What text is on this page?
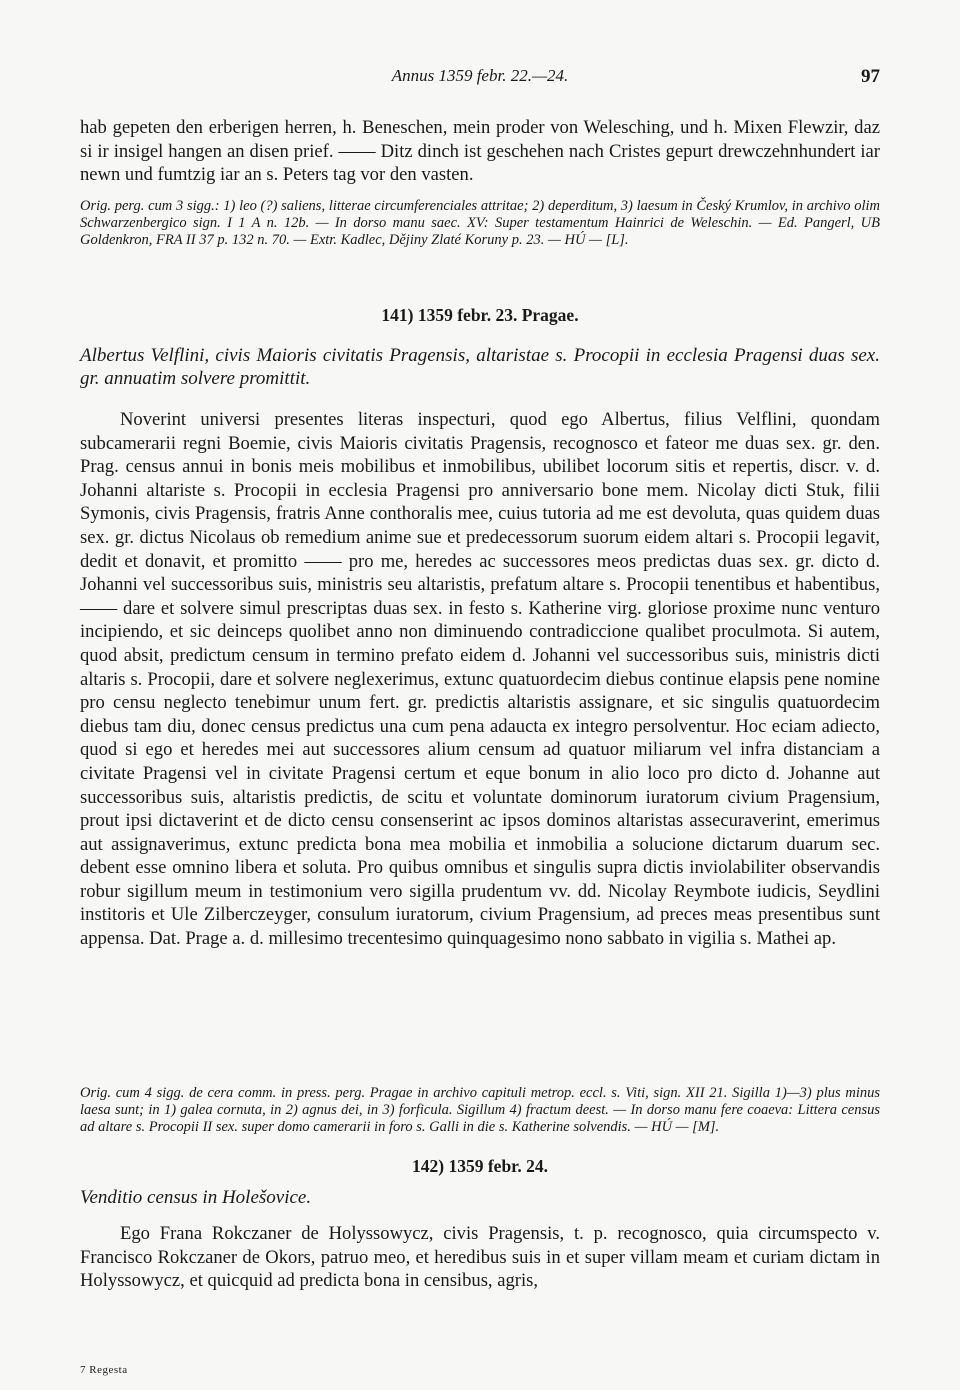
Annus 1359 febr. 22.—24.	97

hab gepeten den erberigen herren, h. Beneschen, mein proder von Welesching, und h. Mixen Flewzir, daz si ir insigel hangen an disen prief. —— Ditz dinch ist geschehen nach Cristes gepurt drewczehnhundert iar newn und fumtzig iar an s. Peters tag vor den vasten.

Orig. perg. cum 3 sigg.: 1) leo (?) saliens, litterae circumferenciales attritae; 2) deperditum, 3) laesum in Český Krumlov, in archivo olim Schwarzenbergico sign. I 1 A n. 12b. — In dorso manu saec. XV: Super testamentum Hainrici de Weleschin. — Ed. Pangerl, UB Goldenkron, FRA II 37 p. 132 n. 70. — Extr. Kadlec, Dějiny Zlaté Koruny p. 23. — HÚ — [L].

141) 1359 febr. 23. Pragae.

Albertus Velflini, civis Maioris civitatis Pragensis, altaristae s. Procopii in ecclesia Pragensi duas sex. gr. annuatim solvere promittit.

Noverint universi presentes literas inspecturi, quod ego Albertus, filius Velflini, quondam subcamerarii regni Boemie, civis Maioris civitatis Pragensis, recognosco et fateor me duas sex. gr. den. Prag. census annui in bonis meis mobilibus et inmobilibus, ubilibet locorum sitis et repertis, discr. v. d. Johanni altariste s. Procopii in ecclesia Pragensi pro anniversario bone mem. Nicolay dicti Stuk, filii Symonis, civis Pragensis, fratris Anne conthoralis mee, cuius tutoria ad me est devoluta, quas quidem duas sex. gr. dictus Nicolaus ob remedium anime sue et predecessorum suorum eidem altari s. Procopii legavit, dedit et donavit, et promitto —— pro me, heredes ac successores meos predictas duas sex. gr. dicto d. Johanni vel successoribus suis, ministris seu altaristis, prefatum altare s. Procopii tenentibus et habentibus, —— dare et solvere simul prescriptas duas sex. in festo s. Katherine virg. gloriose proxime nunc venturo incipiendo, et sic deinceps quolibet anno non diminuendo contradiccione qualibet proculmota. Si autem, quod absit, predictum censum in termino prefato eidem d. Johanni vel successoribus suis, ministris dicti altaris s. Procopii, dare et solvere neglexerimus, extunc quatuordecim diebus continue elapsis pene nomine pro censu neglecto tenebimur unum fert. gr. predictis altaristis assignare, et sic singulis quatuordecim diebus tam diu, donec census predictus una cum pena adaucta ex integro persolventur. Hoc eciam adiecto, quod si ego et heredes mei aut successores alium censum ad quatuor miliarum vel infra distanciam a civitate Pragensi vel in civitate Pragensi certum et eque bonum in alio loco pro dicto d. Johanne aut successoribus suis, altaristis predictis, de scitu et voluntate dominorum iuratorum civium Pragensium, prout ipsi dictaverint et de dicto censu consenserint ac ipsos dominos altaristas assecuraverint, emerimus aut assignaverimus, extunc predicta bona mea mobilia et inmobilia a solucione dictarum duarum sec. debent esse omnino libera et soluta. Pro quibus omnibus et singulis supra dictis inviolabiliter observandis robur sigillum meum in testimonium vero sigilla prudentum vv. dd. Nicolay Reymbote iudicis, Seydlini institoris et Ule Zilberczeyger, consulum iuratorum, civium Pragensium, ad preces meas presentibus sunt appensa. Dat. Prage a. d. millesimo trecentesimo quinquagesimo nono sabbato in vigilia s. Mathei ap.

Orig. cum 4 sigg. de cera comm. in press. perg. Pragae in archivo capituli metrop. eccl. s. Viti, sign. XII 21. Sigilla 1)—3) plus minus laesa sunt; in 1) galea cornuta, in 2) agnus dei, in 3) forficula. Sigillum 4) fractum deest. — In dorso manu fere coaeva: Littera census ad altare s. Procopii II sex. super domo camerarii in foro s. Galli in die s. Katherine solvendis. — HÚ — [M].

142) 1359 febr. 24.

Venditio census in Holešovice.

Ego Frana Rokczaner de Holyssowycz, civis Pragensis, t. p. recognosco, quia circumspecto v. Francisco Rokczaner de Okors, patruo meo, et heredibus suis in et super villam meam et curiam dictam in Holyssowycz, et quicquid ad predicta bona in censibus, agris,

7 Regesta
